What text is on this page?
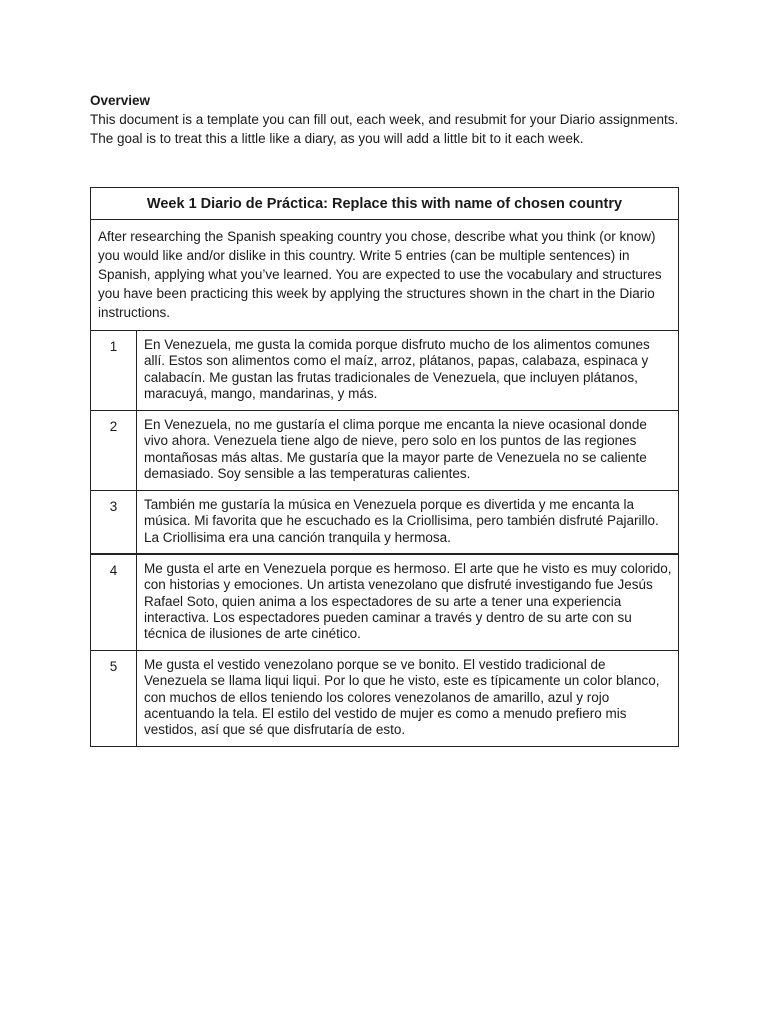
Overview
This document is a template you can fill out, each week, and resubmit for your Diario assignments. The goal is to treat this a little like a diary, as you will add a little bit to it each week.
Week 1 Diario de Práctica: Replace this with name of chosen country	
After researching the Spanish speaking country you chose, describe what you think (or know) you would like and/or dislike in this country. Write 5 entries (can be multiple sentences) in Spanish, applying what you’ve learned. You are expected to use the vocabulary and structures you have been practicing this week by applying the structures shown in the chart in the Diario instructions.	
1	En Venezuela, me gusta la comida porque disfruto mucho de los alimentos comunes allí. Estos son alimentos como el maíz, arroz, plátanos, papas, calabaza, espinaca y calabacín. Me gustan las frutas tradicionales de Venezuela, que incluyen plátanos, maracuyá, mango, mandarinas, y más.
2	En Venezuela, no me gustaría el clima porque me encanta la nieve ocasional donde vivo ahora. Venezuela tiene algo de nieve, pero solo en los puntos de las regiones montañosas más altas. Me gustaría que la mayor parte de Venezuela no se caliente demasiado. Soy sensible a las temperaturas calientes.
3	También me gustaría la música en Venezuela porque es divertida y me encanta la música. Mi favorita que he escuchado es la Criollisima, pero también disfruté Pajarillo. La Criollisima era una canción tranquila y hermosa.
4	Me gusta el arte en Venezuela porque es hermoso. El arte que he visto es muy colorido, con historias y emociones. Un artista venezolano que disfruté investigando fue Jesús Rafael Soto, quien anima a los espectadores de su arte a tener una experiencia interactiva. Los espectadores pueden caminar a través y dentro de su arte con su técnica de ilusiones de arte cinético.
5	Me gusta el vestido venezolano porque se ve bonito. El vestido tradicional de Venezuela se llama liqui liqui. Por lo que he visto, este es típicamente un color blanco, con muchos de ellos teniendo los colores venezolanos de amarillo, azul y rojo acentuando la tela. El estilo del vestido de mujer es como a menudo prefiero mis vestidos, así que sé que disfrutaría de esto.
